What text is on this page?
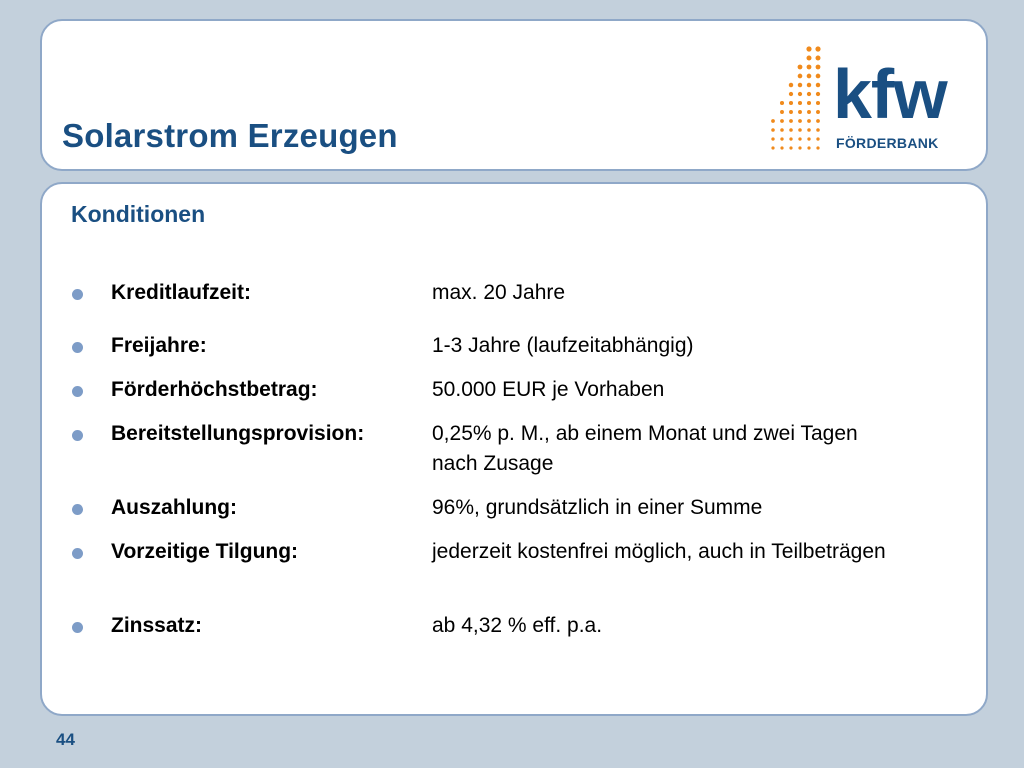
Solarstrom Erzeugen
kfw
FÖRDERBANK
Konditionen
Kreditlaufzeit:	max. 20 Jahre
Freijahre:	1-3 Jahre (laufzeitabhängig)
Förderhöchstbetrag:	50.000 EUR je Vorhaben
Bereitstellungsprovision:	0,25% p. M., ab einem Monat und zwei Tagen nach Zusage
Auszahlung:	96%, grundsätzlich in einer Summe
Vorzeitige Tilgung:	jederzeit kostenfrei möglich, auch in Teilbeträgen
Zinssatz:	ab 4,32 % eff. p.a.
44
